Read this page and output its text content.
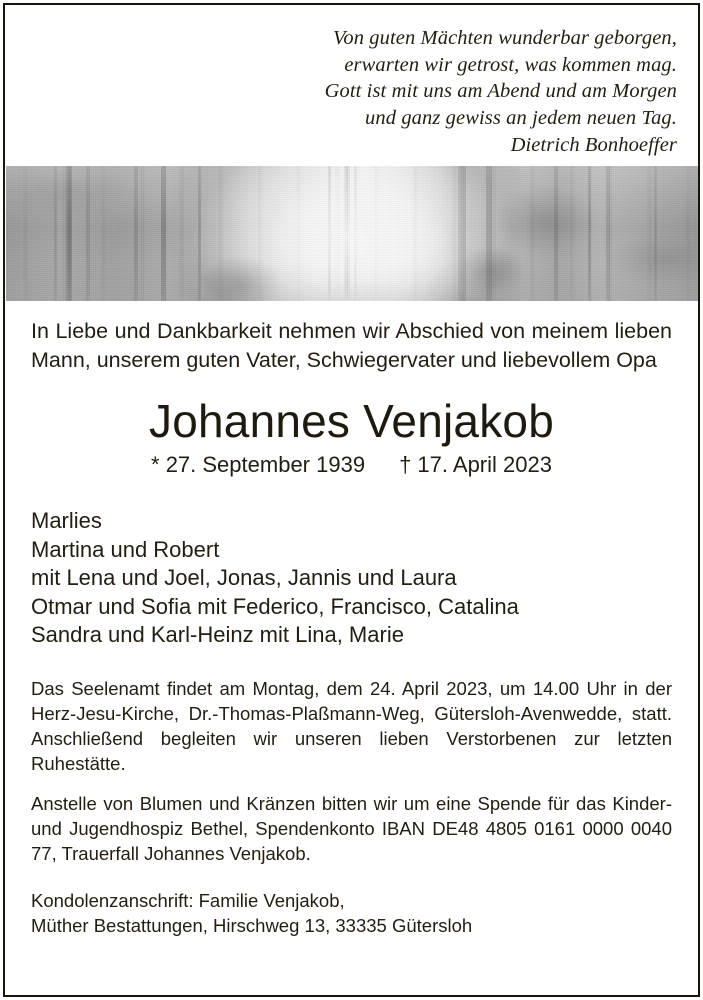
Von guten Mächten wunderbar geborgen,
erwarten wir getrost, was kommen mag.
Gott ist mit uns am Abend und am Morgen
und ganz gewiss an jedem neuen Tag.
Dietrich Bonhoeffer
In Liebe und Dankbarkeit nehmen wir Abschied von meinem lieben Mann, unserem guten Vater, Schwiegervater und liebevollem Opa
Johannes Venjakob
* 27. September 1939 † 17. April 2023
Marlies
Martina und Robert
mit Lena und Joel, Jonas, Jannis und Laura
Otmar und Sofia mit Federico, Francisco, Catalina
Sandra und Karl-Heinz mit Lina, Marie
Das Seelenamt findet am Montag, dem 24. April 2023, um 14.00 Uhr in der Herz-Jesu-Kirche, Dr.-Thomas-Plaßmann-Weg, Gütersloh-Avenwedde, statt. Anschließend begleiten wir unseren lieben Verstorbenen zur letzten Ruhestätte.
Anstelle von Blumen und Kränzen bitten wir um eine Spende für das Kinder- und Jugendhospiz Bethel, Spendenkonto IBAN DE48 4805 0161 0000 0040 77, Trauerfall Johannes Venjakob.
Kondolenzanschrift: Familie Venjakob,
Müther Bestattungen, Hirschweg 13, 33335 Gütersloh
